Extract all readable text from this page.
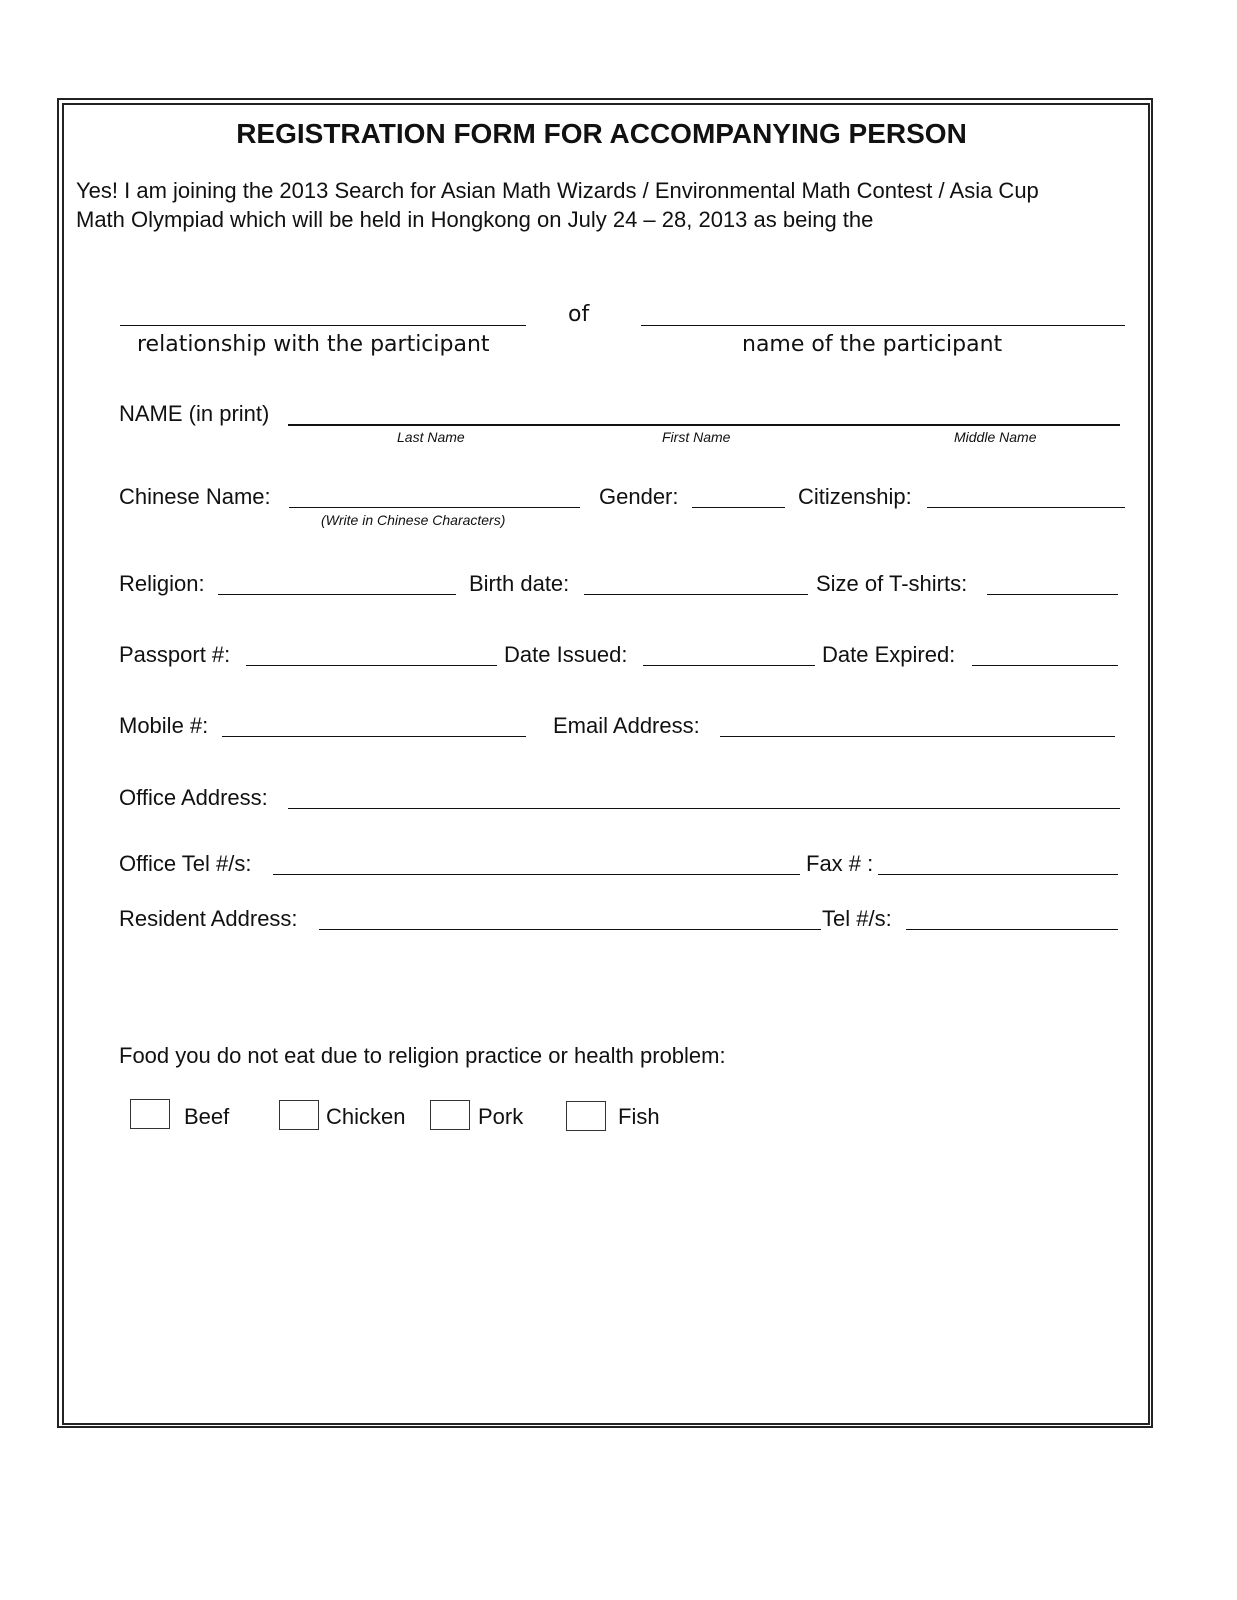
REGISTRATION FORM FOR ACCOMPANYING PERSON
Yes! I am joining the 2013 Search for Asian Math Wizards / Environmental Math Contest / Asia Cup
Math Olympiad which will be held in Hongkong on July 24 – 28, 2013 as being the
of
relationship with the participant	name of the participant
NAME (in print)
Last Name	First Name	Middle Name
Chinese Name:
(Write in Chinese Characters)
Gender:	Citizenship:
Religion:	Birth date:	Size of T-shirts:
Passport #:	Date Issued:	Date Expired:
Mobile #:	Email Address:
Office Address:
Office Tel #/s:	Fax # :
Resident Address:	Tel #/s:
Food you do not eat due to religion practice or health problem:
Beef	Chicken	Pork	Fish
